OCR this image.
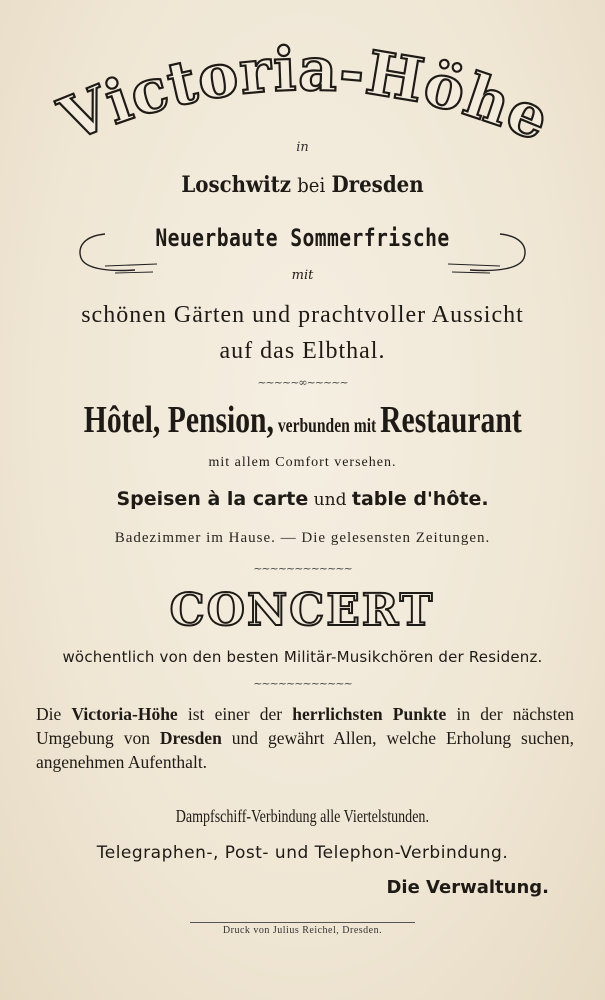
Victoria-Höhe
in
Loschwitz bei Dresden
Neuerbaute Sommerfrische
mit
schönen Gärten und prachtvoller Aussicht
auf das Elbthal.
~~~~~∞~~~~~
Hôtel, Pension, verbunden mit Restaurant
mit allem Comfort versehen.
Speisen à la carte und table d'hôte.
Badezimmer im Hause. — Die gelesensten Zeitungen.
~~~~~~~~~~~~
CONCERT
wöchentlich von den besten Militär-Musikchören der Residenz.
~~~~~~~~~~~~
Die Victoria-Höhe ist einer der herrlichsten Punkte in der nächsten Umgebung von Dresden und gewährt Allen, welche Erholung suchen, angenehmen Aufenthalt.
Dampfschiff-Verbindung alle Viertelstunden.
Telegraphen-, Post- und Telephon-Verbindung.
Die Verwaltung.
Druck von Julius Reichel, Dresden.
